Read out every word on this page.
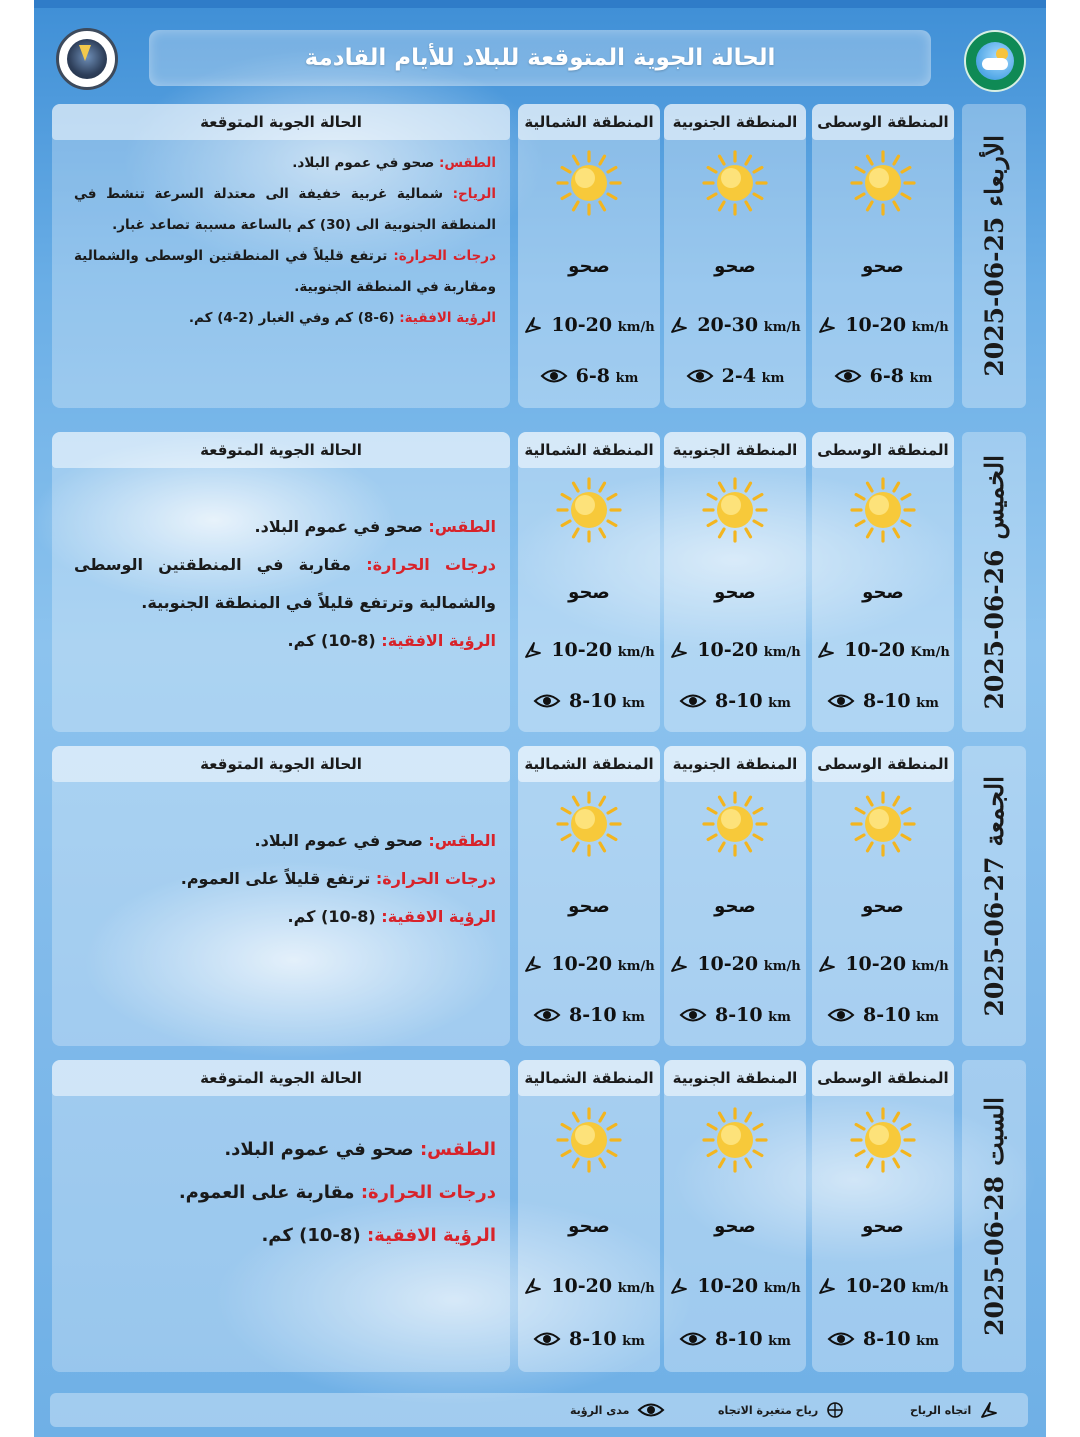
الحالة الجوية المتوقعة للبلاد للأيام القادمة
2025-06-25
الأربعاء
المنطقة الوسطى
صحو
10-20 km/h
6-8 km
المنطقة الجنوبية
صحو
20-30 km/h
2-4 km
المنطقة الشمالية
صحو
10-20 km/h
6-8 km
الحالة الجوية المتوقعة

الطقس: صحو في عموم البلاد.

الرياح: شمالية غربية خفيفة الى معتدلة السرعة تنشط في المنطقة الجنوبية الى (30) كم بالساعة مسببة تصاعد غبار.

درجات الحرارة: ترتفع قليلاً في المنطقتين الوسطى والشمالية ومقاربة في المنطقة الجنوبية.

الرؤية الافقية: (6-8) كم وفي الغبار (2-4) كم.

2025-06-26
الخميس
المنطقة الوسطى
صحو
10-20 Km/h
8-10 km
المنطقة الجنوبية
صحو
10-20 km/h
8-10 km
المنطقة الشمالية
صحو
10-20 km/h
8-10 km
الحالة الجوية المتوقعة

الطقس: صحو في عموم البلاد.

درجات الحرارة: مقاربة في المنطقتين الوسطى والشمالية وترتفع قليلاً في المنطقة الجنوبية.

الرؤية الافقية: (8-10) كم.

2025-06-27
الجمعة
المنطقة الوسطى
صحو
10-20 km/h
8-10 km
المنطقة الجنوبية
صحو
10-20 km/h
8-10 km
المنطقة الشمالية
صحو
10-20 km/h
8-10 km
الحالة الجوية المتوقعة

الطقس: صحو في عموم البلاد.

درجات الحرارة: ترتفع قليلاً على العموم.

الرؤية الافقية: (8-10) كم.

2025-06-28
السبت
المنطقة الوسطى
صحو
10-20 km/h
8-10 km
المنطقة الجنوبية
صحو
10-20 km/h
8-10 km
المنطقة الشمالية
صحو
10-20 km/h
8-10 km
الحالة الجوية المتوقعة

الطقس: صحو في عموم البلاد.

درجات الحرارة: مقاربة على العموم.

الرؤية الافقية: (8-10) كم.

اتجاه الرياح
رياح متغيرة الاتجاه
مدى الرؤية
